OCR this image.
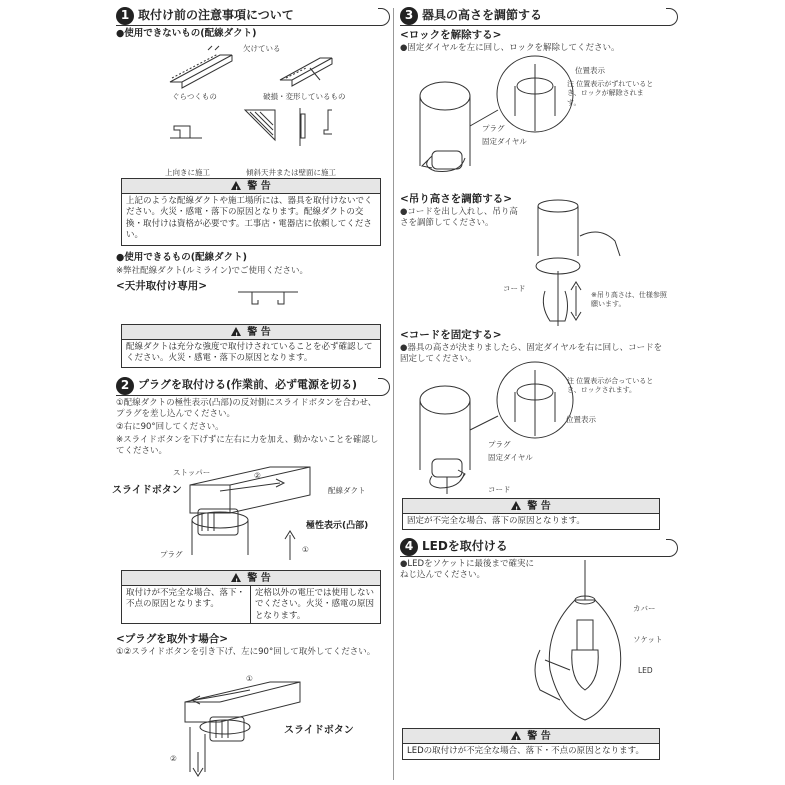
1 取付け前の注意事項について
●使用できないもの(配線ダクト)
欠けている
ぐらつくもの	破損・変形しているもの
上向きに施工	傾斜天井または壁面に施工
!警 告
上記のような配線ダクトや施工場所には、器具を取付けないでください。火災・感電・落下の原因となります。配線ダクトの交換・取付けは資格が必要です。工事店・電器店に依頼してください。
●使用できるもの(配線ダクト)
※弊社配線ダクト(ルミライン)でご使用ください。
<天井取付け専用>
!警 告
配線ダクトは充分な強度で取付けされていることを必ず確認してください。火災・感電・落下の原因となります。
2 プラグを取付ける(作業前、必ず電源を切る)
①配線ダクトの極性表示(凸部)の反対側にスライドボタンを合わせ、プラグを差し込んでください。
②右に90°回してください。
※スライドボタンを下げずに左右に力を加え、動かないことを確認してください。
ストッパー
スライドボタン
②
配線ダクト
極性表示(凸部)
①
プラグ
!警 告
取付けが不完全な場合、落下・不点の原因となります。
定格以外の電圧では使用しないでください。火災・感電の原因となります。
<プラグを取外す場合>
①②スライドボタンを引き下げ、左に90°回して取外してください。
①
スライドボタン
②
3 器具の高さを調節する
<ロックを解除する>
●固定ダイヤルを左に回し、ロックを解除してください。
位置表示
注 位置表示がずれているとき、ロックが解除されます。
プラグ
固定ダイヤル
<吊り高さを調節する>
●コードを出し入れし、吊り高さを調節してください。
コード
※吊り高さは、仕様参照願います。
<コードを固定する>
●器具の高さが決まりましたら、固定ダイヤルを右に回し、コードを固定してください。
注 位置表示が合っているとき、ロックされます。
位置表示
プラグ
固定ダイヤル
コード
!警 告
固定が不完全な場合、落下の原因となります。
4 LEDを取付ける
●LEDをソケットに最後まで確実にねじ込んでください。
カバー
ソケット
LED
!警 告
LEDの取付けが不完全な場合、落下・不点の原因となります。
